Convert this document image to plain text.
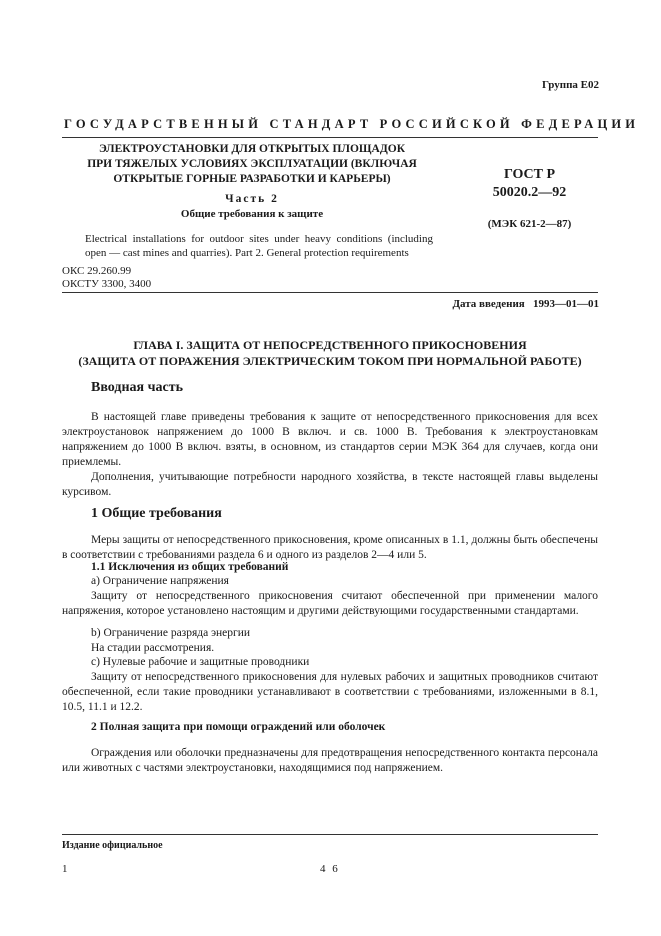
Группа Е02
ГОСУДАРСТВЕННЫЙ СТАНДАРТ РОССИЙСКОЙ ФЕДЕРАЦИИ
ЭЛЕКТРОУСТАНОВКИ ДЛЯ ОТКРЫТЫХ ПЛОЩАДОК
ПРИ ТЯЖЕЛЫХ УСЛОВИЯХ ЭКСПЛУАТАЦИИ (ВКЛЮЧАЯ
ОТКРЫТЫЕ ГОРНЫЕ РАЗРАБОТКИ И КАРЬЕРЫ)
Часть 2
Общие требования к защите
ГОСТ Р
50020.2—92
(МЭК 621-2—87)
Electrical installations for outdoor sites under heavy conditions (including open — cast mines and quarries). Part 2. General protection requirements
ОКС 29.260.99
ОКСТУ 3300, 3400
Дата введения 1993—01—01
ГЛАВА I. ЗАЩИТА ОТ НЕПОСРЕДСТВЕННОГО ПРИКОСНОВЕНИЯ
(ЗАЩИТА ОТ ПОРАЖЕНИЯ ЭЛЕКТРИЧЕСКИМ ТОКОМ ПРИ НОРМАЛЬНОЙ РАБОТЕ)
Вводная часть

В настоящей главе приведены требования к защите от непосредственного прикосновения для всех электроустановок напряжением до 1000 В включ. и св. 1000 В. Требования к электроустановкам напряжением до 1000 В включ. взяты, в основном, из стандартов серии МЭК 364 для случаев, когда они приемлемы.

Дополнения, учитывающие потребности народного хозяйства, в тексте настоящей главы выделены курсивом.

1 Общие требования

Меры защиты от непосредственного прикосновения, кроме описанных в 1.1, должны быть обеспечены в соответствии с требованиями раздела 6 и одного из разделов 2—4 или 5.

1.1 Исключения из общих требований
а) Ограничение напряжения

Защиту от непосредственного прикосновения считают обеспеченной при применении малого напряжения, которое установлено настоящим и другими действующими государственными стандартами.

b) Ограничение разряда энергии
На стадии рассмотрения.
с) Нулевые рабочие и защитные проводники

Защиту от непосредственного прикосновения для нулевых рабочих и защитных проводников считают обеспеченной, если такие проводники устанавливают в соответствии с требованиями, изложенными в 8.1, 10.5, 11.1 и 12.2.

2 Полная защита при помощи ограждений или оболочек

Ограждения или оболочки предназначены для предотвращения непосредственного контакта персонала или животных с частями электроустановки, находящимися под напряжением.

Издание официальное
1	4 6
